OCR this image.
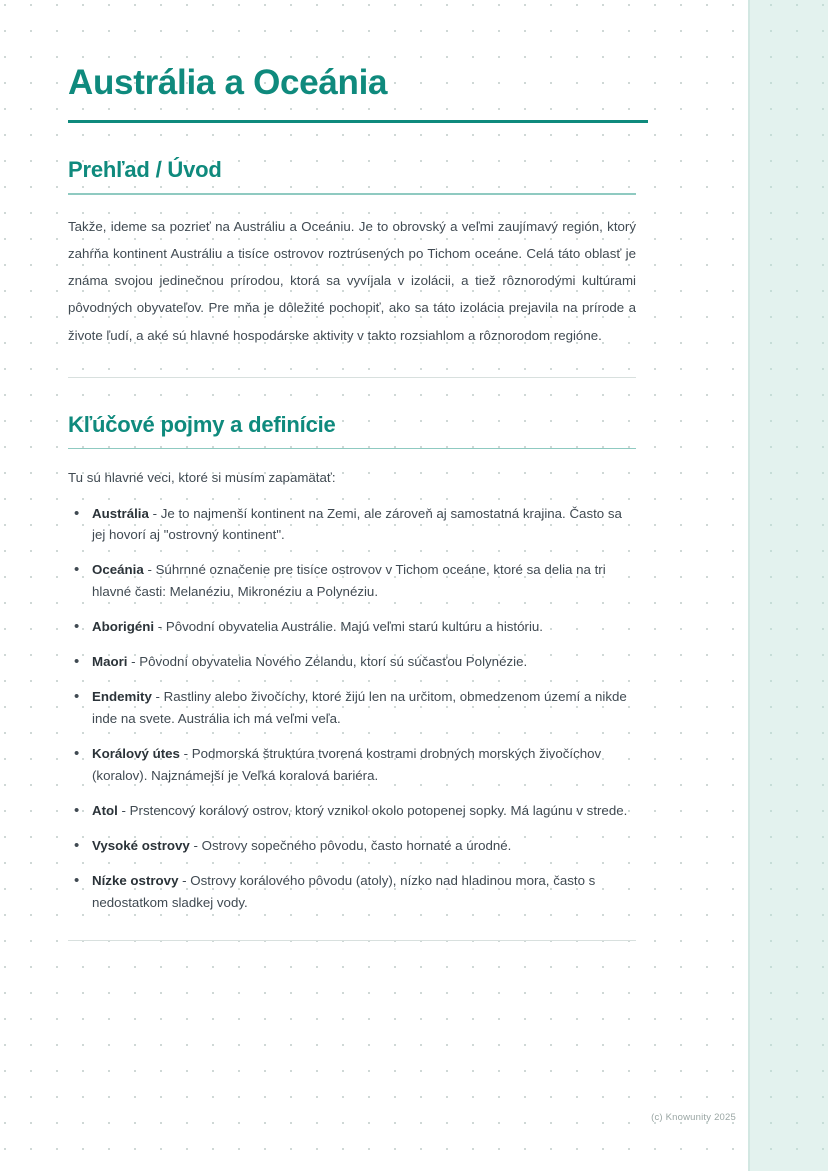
Austrália a Oceánia
Prehľad / Úvod

Takže, ideme sa pozrieť na Austráliu a Oceániu. Je to obrovský a veľmi zaujímavý región, ktorý zahŕňa kontinent Austráliu a tisíce ostrovov roztrúsených po Tichom oceáne. Celá táto oblasť je známa svojou jedinečnou prírodou, ktorá sa vyvíjala v izolácii, a tiež rôznorodými kultúrami pôvodných obyvateľov. Pre mňa je dôležité pochopiť, ako sa táto izolácia prejavila na prírode a živote ľudí, a aké sú hlavné hospodárske aktivity v takto rozsiahlom a rôznorodom regióne.

Kľúčové pojmy a definície

Tu sú hlavné veci, ktoré si musím zapamätať:

• Austrália - Je to najmenší kontinent na Zemi, ale zároveň aj samostatná krajina. Často sa jej hovorí aj "ostrovný kontinent".
• Oceánia - Súhrnné označenie pre tisíce ostrovov v Tichom oceáne, ktoré sa delia na tri hlavné časti: Melanéziu, Mikronéziu a Polynéziu.
• Aborigéni - Pôvodní obyvatelia Austrálie. Majú veľmi starú kultúru a históriu.
• Maori - Pôvodní obyvatelia Nového Zélandu, ktorí sú súčasťou Polynézie.
• Endemity - Rastliny alebo živočíchy, ktoré žijú len na určitom, obmedzenom území a nikde inde na svete. Austrália ich má veľmi veľa.
• Korálový útes - Podmorská štruktúra tvorená kostrami drobných morských živočíchov (koralov). Najznámejší je Veľká koralová bariéra.
• Atol - Prstencový korálový ostrov, ktorý vznikol okolo potopenej sopky. Má lagúnu v strede.
• Vysoké ostrovy - Ostrovy sopečného pôvodu, často hornaté a úrodné.
• Nízke ostrovy - Ostrovy korálového pôvodu (atoly), nízko nad hladinou mora, často s nedostatkom sladkej vody.
(c) Knowunity 2025
